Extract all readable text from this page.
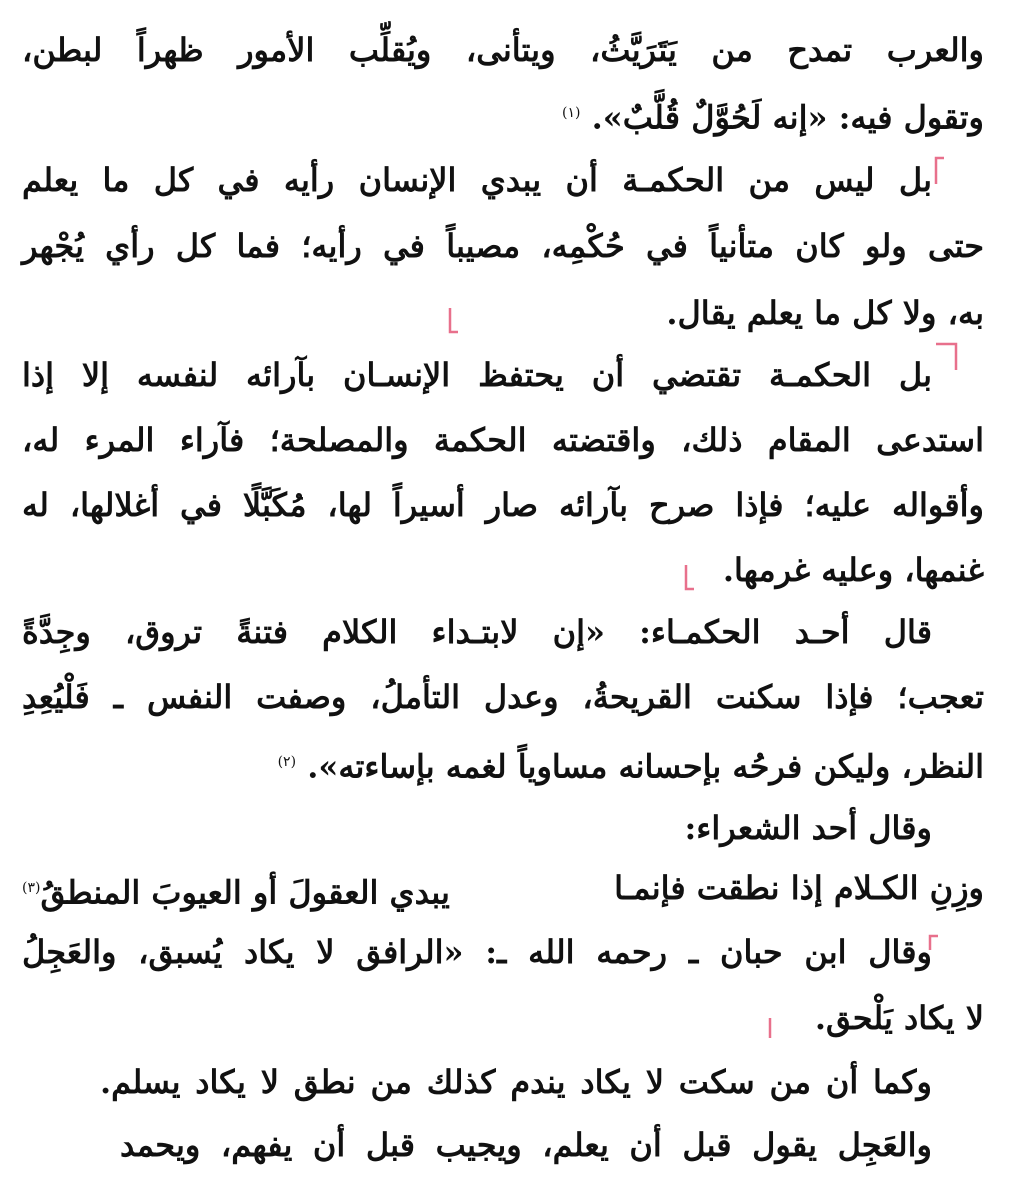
والعرب تمدح من يَتَرَيَّثُ، ويتأنى، ويُقلِّب الأمور ظهراً لبطن،
وتقول فيه: «إنه لَحُوَّلٌ قُلَّبٌ». $^{(١)}$
بل ليس من الحكمـة أن يبدي الإنسان رأيه في كل ما يعلم
حتى ولو كان متأنياً في حُكْمِه، مصيباً في رأيه؛ فما كل رأي يُجْهر
به، ولا كل ما يعلم يقال.
بل الحكمـة تقتضي أن يحتفظ الإنسـان بآرائه لنفسه إلا إذا
استدعى المقام ذلك، واقتضته الحكمة والمصلحة؛ فآراء المرء له،
وأقواله عليه؛ فإذا صرح بآرائه صار أسيراً لها، مُكَبَّلًا في أغلالها، له
غنمها، وعليه غرمها.
قال أحـد الحكمـاء: «إن لابتـداء الكلام فتنةً تروق، وجِدَّةً
تعجب؛ فإذا سكنت القريحةُ، وعدل التأملُ، وصفت النفس ـ فَلْيُعِدِ
النظر، وليكن فرحُه بإحسانه مساوياً لغمه بإساءته». $^{(٢)}$
وقال أحد الشعراء:
وزِنِ الكـلام إذا نطقت فإنمـا
يبدي العقولَ أو العيوبَ المنطقُ$^{(٣)}$
وقال ابن حبان ـ رحمه الله ـ: «الرافق لا يكاد يُسبق، والعَجِلُ
لا يكاد يَلْحق.
وكما أن من سكت لا يكاد يندم كذلك من نطق لا يكاد يسلم.
والعَجِل يقول قبل أن يعلم، ويجيب قبل أن يفهم، ويحمد
